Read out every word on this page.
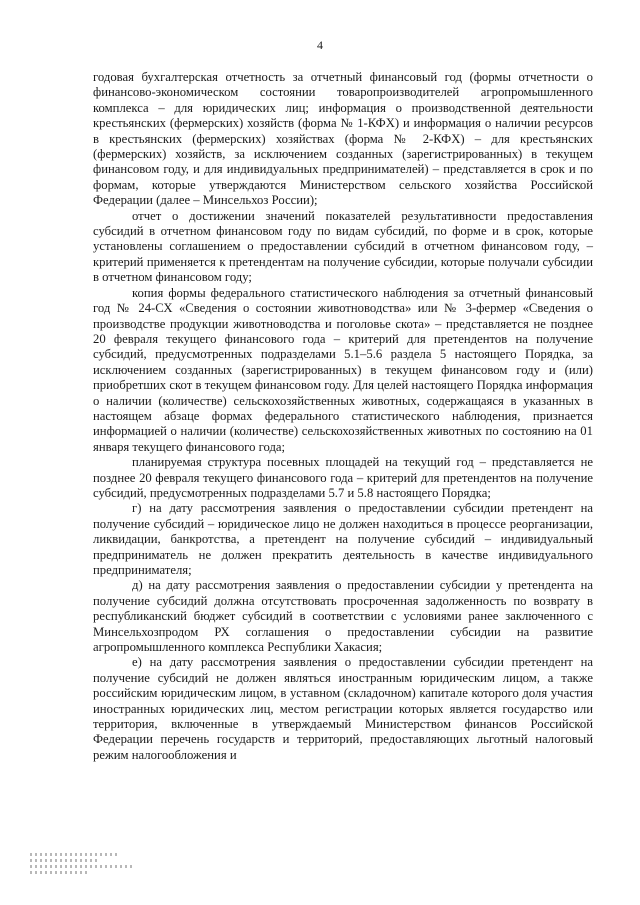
4

годовая бухгалтерская отчетность за отчетный финансовый год (формы отчетности о финансово-экономическом состоянии товаропроизводителей агропромышленного комплекса – для юридических лиц; информация о производственной деятельности крестьянских (фермерских) хозяйств (форма № 1-КФХ) и информация о наличии ресурсов в крестьянских (фермерских) хозяйствах (форма № 2-КФХ) – для крестьянских (фермерских) хозяйств, за исключением созданных (зарегистрированных) в текущем финансовом году, и для индивидуальных предпринимателей) – представляется в срок и по формам, которые утверждаются Министерством сельского хозяйства Российской Федерации (далее – Минсельхоз России);

отчет о достижении значений показателей результативности предоставления субсидий в отчетном финансовом году по видам субсидий, по форме и в срок, которые установлены соглашением о предоставлении субсидий в отчетном финансовом году, – критерий применяется к претендентам на получение субсидии, которые получали субсидии в отчетном финансовом году;

копия формы федерального статистического наблюдения за отчетный финансовый год № 24-СХ «Сведения о состоянии животноводства» или № 3-фермер «Сведения о производстве продукции животноводства и поголовье скота» – представляется не позднее 20 февраля текущего финансового года – критерий для претендентов на получение субсидий, предусмотренных подразделами 5.1–5.6 раздела 5 настоящего Порядка, за исключением созданных (зарегистрированных) в текущем финансовом году и (или) приобретших скот в текущем финансовом году. Для целей настоящего Порядка информация о наличии (количестве) сельскохозяйственных животных, содержащаяся в указанных в настоящем абзаце формах федерального статистического наблюдения, признается информацией о наличии (количестве) сельскохозяйственных животных по состоянию на 01 января текущего финансового года;

планируемая структура посевных площадей на текущий год – представляется не позднее 20 февраля текущего финансового года – критерий для претендентов на получение субсидий, предусмотренных подразделами 5.7 и 5.8 настоящего Порядка;

г) на дату рассмотрения заявления о предоставлении субсидии претендент на получение субсидий – юридическое лицо не должен находиться в процессе реорганизации, ликвидации, банкротства, а претендент на получение субсидий – индивидуальный предприниматель не должен прекратить деятельность в качестве индивидуального предпринимателя;

д) на дату рассмотрения заявления о предоставлении субсидии у претендента на получение субсидий должна отсутствовать просроченная задолженность по возврату в республиканский бюджет субсидий в соответствии с условиями ранее заключенного с Минсельхозпродом РХ соглашения о предоставлении субсидии на развитие агропромышленного комплекса Республики Хакасия;

е) на дату рассмотрения заявления о предоставлении субсидии претендент на получение субсидий не должен являться иностранным юридическим лицом, а также российским юридическим лицом, в уставном (складочном) капитале которого доля участия иностранных юридических лиц, местом регистрации которых является государство или территория, включенные в утверждаемый Министерством финансов Российской Федерации перечень государств и территорий, предоставляющих льготный налоговый режим налогообложения и
